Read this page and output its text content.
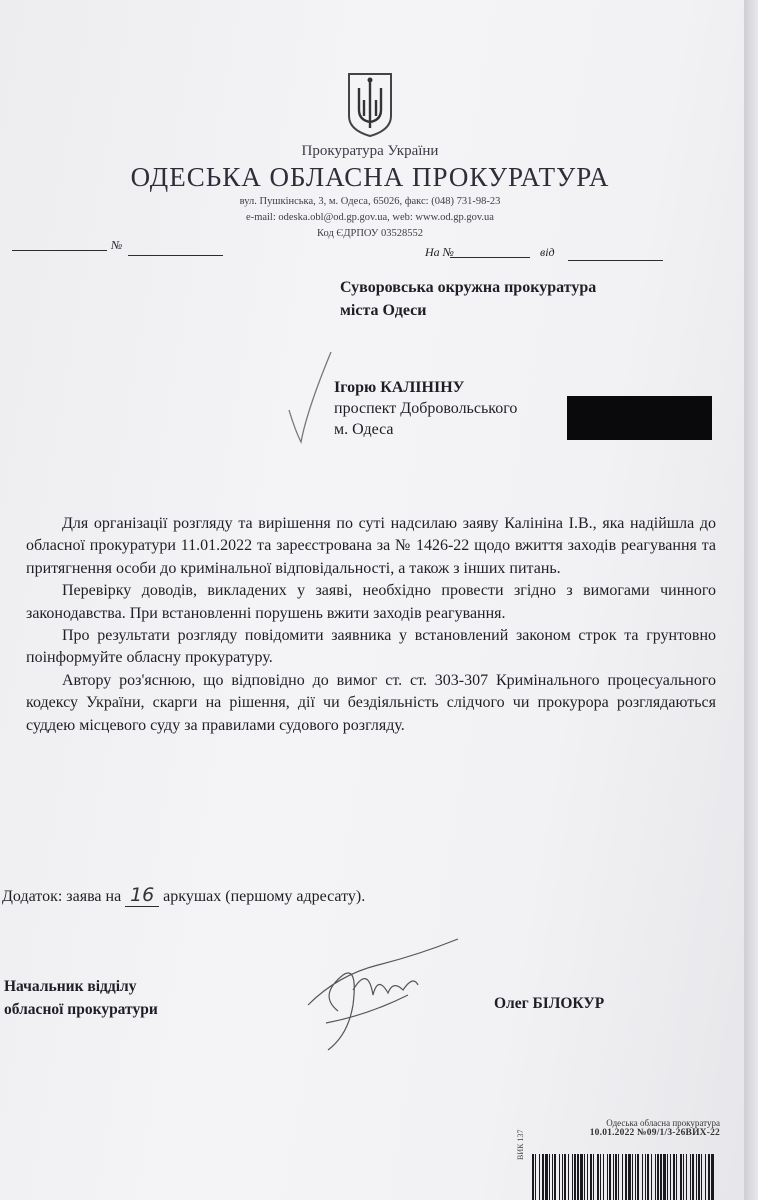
Прокуратура України
ОДЕСЬКА ОБЛАСНА ПРОКУРАТУРА
вул. Пушкінська, 3, м. Одеса, 65026, факс: (048) 731-98-23
e-mail: odeska.obl@od.gp.gov.ua, web: www.od.gp.gov.ua
Код ЄДРПОУ 03528552
№	На №	від
Суворовська окружна прокуратура
міста Одеси
Ігорю КАЛІНІНУ
проспект Добровольського
м. Одеса

Для організації розгляду та вирішення по суті надсилаю заяву Калініна І.В., яка надійшла до обласної прокуратури 11.01.2022 та зареєстрована за № 1426-22 щодо вжиття заходів реагування та притягнення особи до кримінальної відповідальності, а також з інших питань.

Перевірку доводів, викладених у заяві, необхідно провести згідно з вимогами чинного законодавства. При встановленні порушень вжити заходів реагування.

Про результати розгляду повідомити заявника у встановлений законом строк та грунтовно поінформуйте обласну прокуратуру.

Автору роз'яснюю, що відповідно до вимог ст. ст. 303-307 Кримінального процесуального кодексу України, скарги на рішення, дії чи бездіяльність слідчого чи прокурора розглядаються суддею місцевого суду за правилами судового розгляду.

Додаток: заява на 16 аркушах (першому адресату).
Начальник відділу
обласної прокуратури	Олег БІЛОКУР
Одеська обласна прокуратура
10.01.2022 №09/1/3-26ВИХ-22
ВИК 137
